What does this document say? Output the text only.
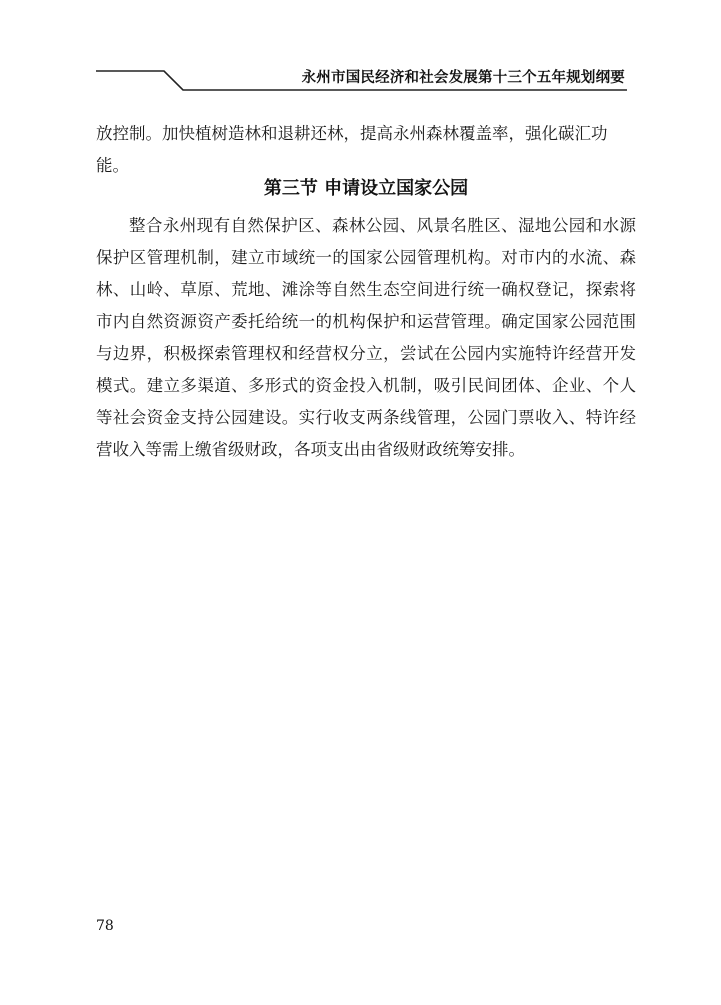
永州市国民经济和社会发展第十三个五年规划纲要

放控制。加快植树造林和退耕还林，提高永州森林覆盖率，强化碳汇功能。

第三节 申请设立国家公园

整合永州现有自然保护区、森林公园、风景名胜区、湿地公园和水源保护区管理机制，建立市域统一的国家公园管理机构。对市内的水流、森林、山岭、草原、荒地、滩涂等自然生态空间进行统一确权登记，探索将市内自然资源资产委托给统一的机构保护和运营管理。确定国家公园范围与边界，积极探索管理权和经营权分立，尝试在公园内实施特许经营开发模式。建立多渠道、多形式的资金投入机制，吸引民间团体、企业、个人等社会资金支持公园建设。实行收支两条线管理，公园门票收入、特许经营收入等需上缴省级财政，各项支出由省级财政统筹安排。

78
